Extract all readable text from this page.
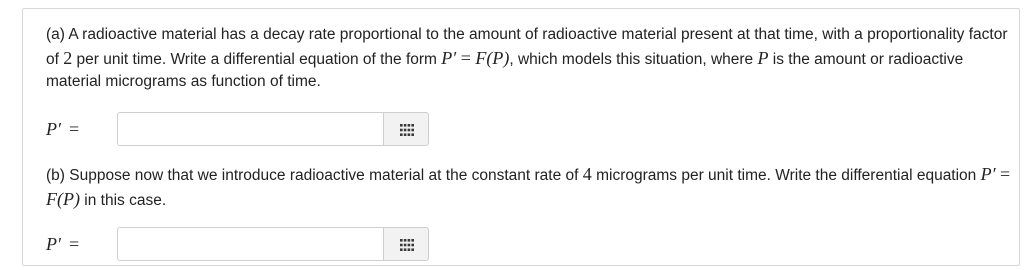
(a) A radioactive material has a decay rate proportional to the amount of radioactive material present at that time, with a proportionality factor of 2 per unit time. Write a differential equation of the form P′ = F(P), which models this situation, where P is the amount or radioactive material micrograms as function of time.
P′ =
(b) Suppose now that we introduce radioactive material at the constant rate of 4 micrograms per unit time. Write the differential equation P′ = F(P) in this case.
P′ =
